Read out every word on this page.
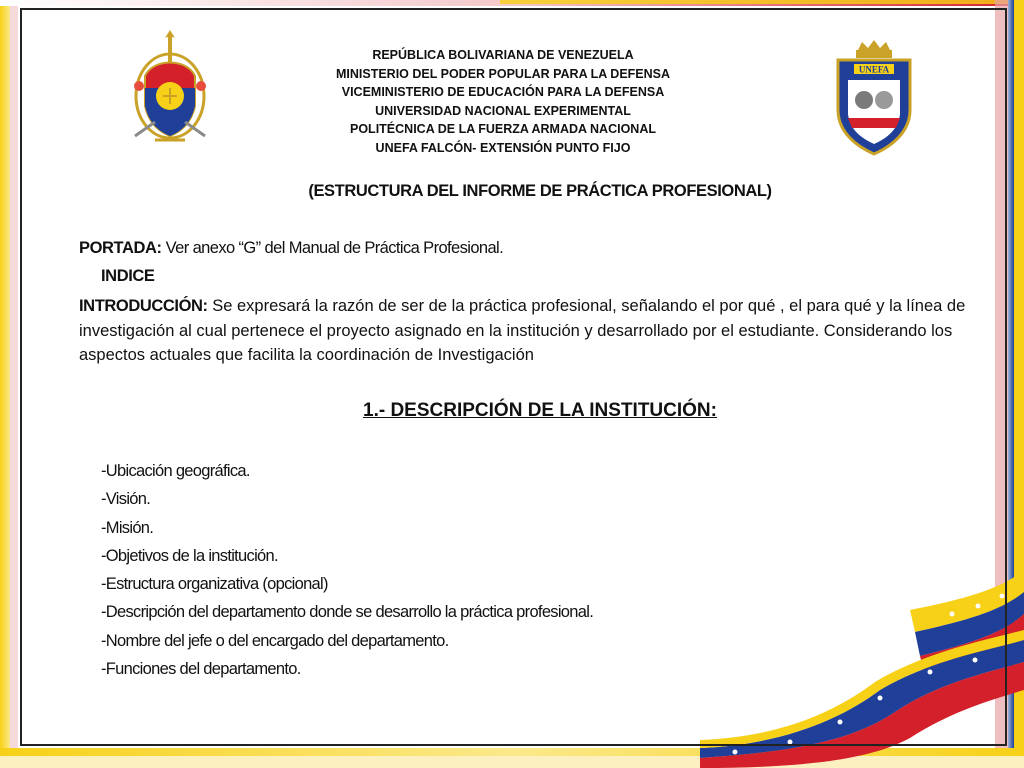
UNEFA
REPÚBLICA BOLIVARIANA DE VENEZUELA
MINISTERIO DEL PODER POPULAR PARA LA DEFENSA
VICEMINISTERIO DE EDUCACIÓN PARA LA DEFENSA
UNIVERSIDAD NACIONAL EXPERIMENTAL
POLITÉCNICA DE LA FUERZA ARMADA NACIONAL
UNEFA FALCÓN- EXTENSIÓN PUNTO FIJO
(ESTRUCTURA DEL INFORME DE PRÁCTICA PROFESIONAL)
PORTADA: Ver anexo “G” del Manual de Práctica Profesional.
INDICE
INTRODUCCIÓN: Se expresará la razón de ser de la práctica profesional, señalando el por qué , el para qué y la línea de investigación al cual pertenece el proyecto asignado en la institución y desarrollado por el estudiante. Considerando los aspectos actuales que facilita la coordinación de Investigación
1.- DESCRIPCIÓN DE LA INSTITUCIÓN:
-Ubicación geográfica.
-Visión.
-Misión.
-Objetivos de la institución.
-Estructura organizativa (opcional)
-Descripción del departamento donde se desarrollo la práctica profesional.
-Nombre del jefe o del encargado del departamento.
-Funciones del departamento.
